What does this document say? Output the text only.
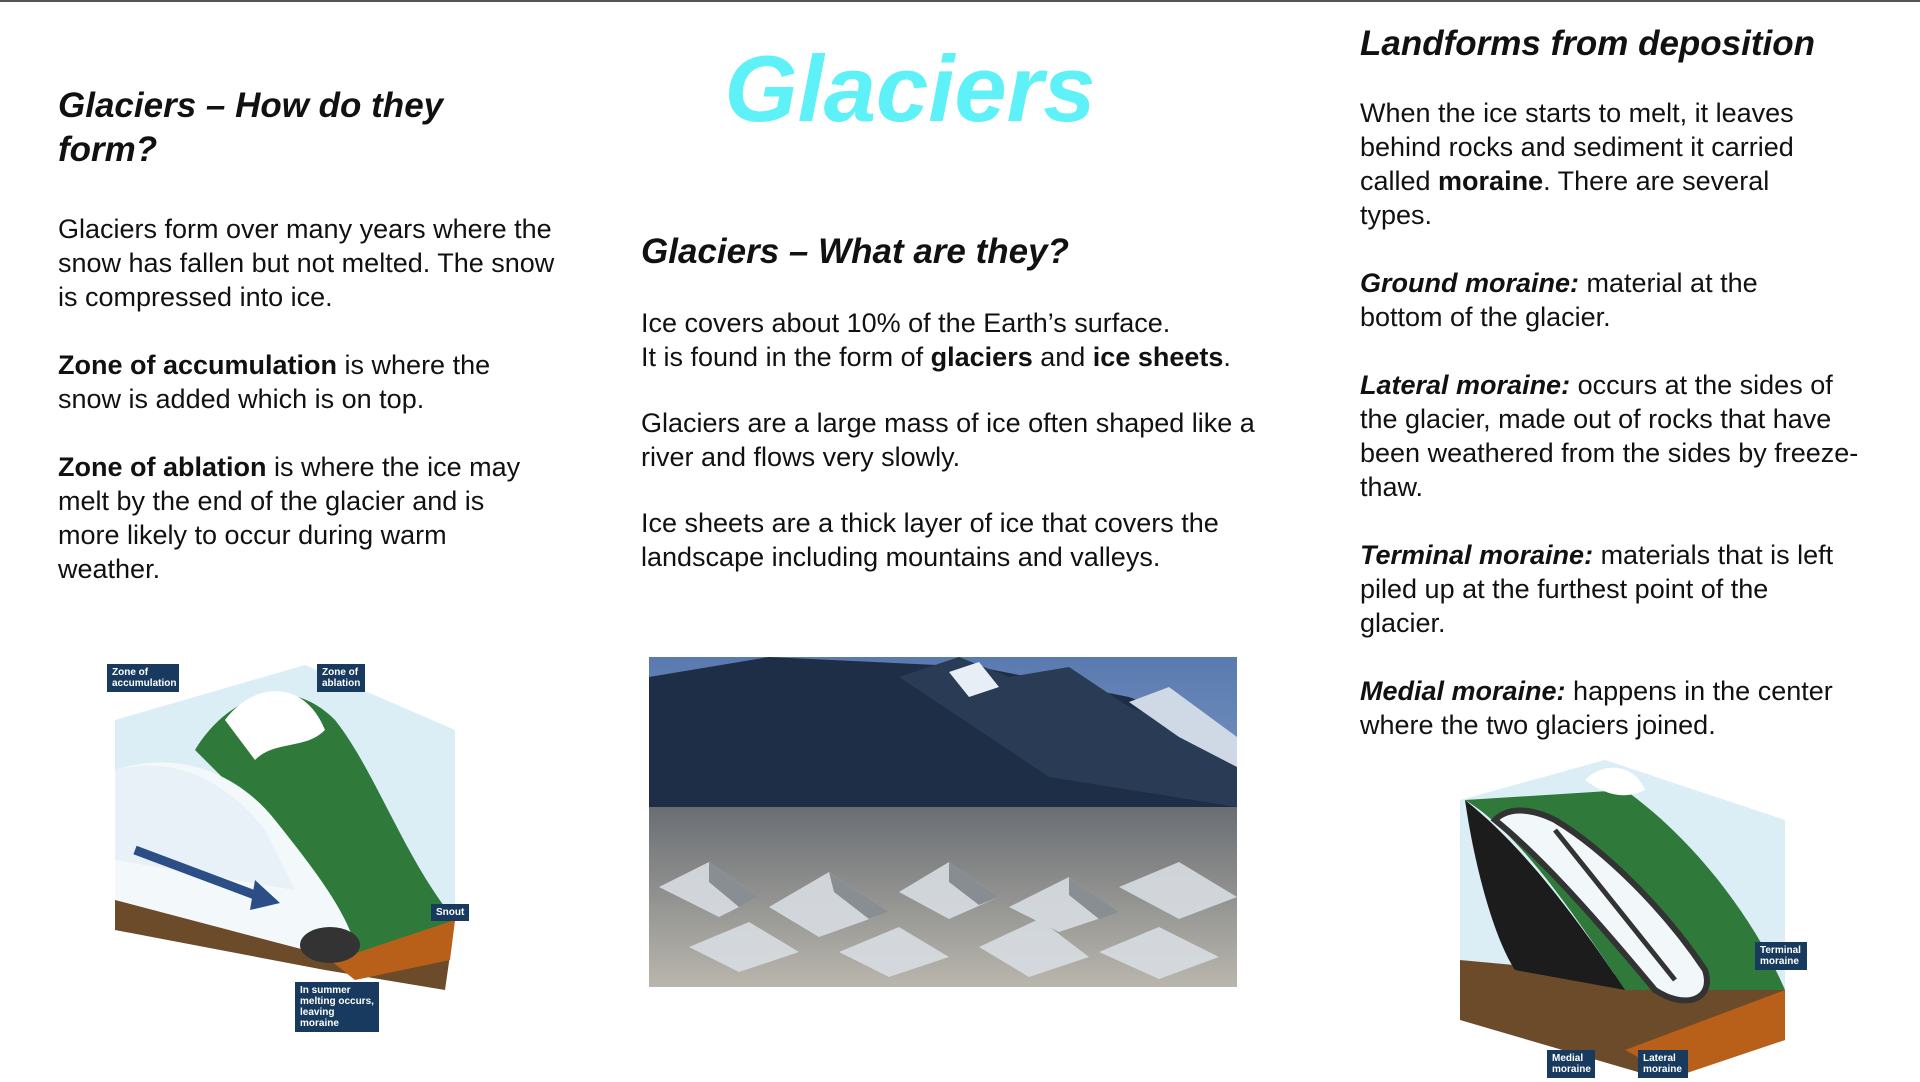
Glaciers
Glaciers – How do they form?

Glaciers form over many years where the snow has fallen but not melted. The snow is compressed into ice.

Zone of accumulation is where the snow is added which is on top.

Zone of ablation is where the ice may melt by the end of the glacier and is more likely to occur during warm weather.

Zone of accumulation
Zone of ablation
Snout
In summer melting occurs, leaving moraine
Glaciers – What are they?

Ice covers about 10% of the Earth’s surface.
It is found in the form of glaciers and ice sheets.

Glaciers are a large mass of ice often shaped like a river and flows very slowly.

Ice sheets are a thick layer of ice that covers the landscape including mountains and valleys.

Landforms from deposition

When the ice starts to melt, it leaves behind rocks and sediment it carried called moraine. There are several types.

Ground moraine: material at the bottom of the glacier.

Lateral moraine: occurs at the sides of the glacier, made out of rocks that have been weathered from the sides by freeze-thaw.

Terminal moraine: materials that is left piled up at the furthest point of the glacier.

Medial moraine: happens in the center where the two glaciers joined.

Terminal moraine
Medial moraine
Lateral moraine
